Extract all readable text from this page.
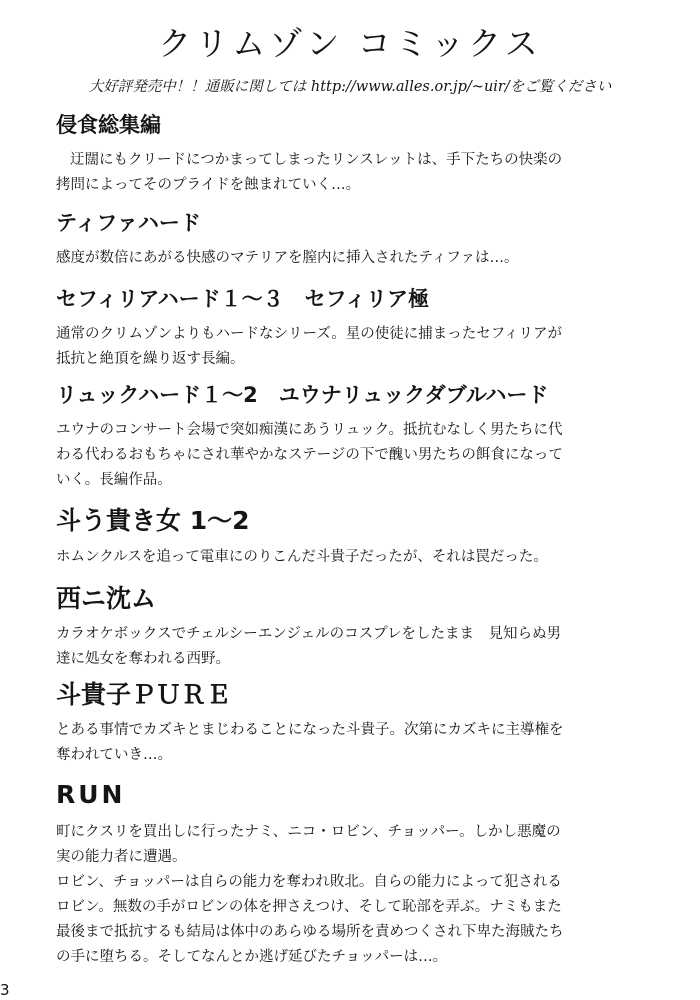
クリムゾン コミックス
大好評発売中！！通販に関しては http://www.alles.or.jp/~uir/をご覧ください
侵食総集編
迂闊にもクリードにつかまってしまったリンスレットは、手下たちの快楽の
拷問によってそのプライドを蝕まれていく…。
ティファハード
感度が数倍にあがる快感のマテリアを膣内に挿入されたティファは…。
セフィリアハード１〜３　セフィリア極
通常のクリムゾンよりもハードなシリーズ。星の使徒に捕まったセフィリアが
抵抗と絶頂を繰り返す長編。
リュックハード１〜2　ユウナリュックダブルハード
ユウナのコンサート会場で突如痴漢にあうリュック。抵抗むなしく男たちに代
わる代わるおもちゃにされ華やかなステージの下で醜い男たちの餌食になって
いく。長編作品。
斗う貴き女 1〜2
ホムンクルスを追って電車にのりこんだ斗貴子だったが、それは罠だった。
西ニ沈ム
カラオケボックスでチェルシーエンジェルのコスプレをしたまま　見知らぬ男
達に処女を奪われる西野。
斗貴子ＰＵＲＥ
とある事情でカズキとまじわることになった斗貴子。次第にカズキに主導権を
奪われていき…。
RUN
町にクスリを買出しに行ったナミ、ニコ・ロビン、チョッパー。しかし悪魔の
実の能力者に遭遇。
ロビン、チョッパーは自らの能力を奪われ敗北。自らの能力によって犯される
ロビン。無数の手がロビンの体を押さえつけ、そして恥部を弄ぶ。ナミもまた
最後まで抵抗するも結局は体中のあらゆる場所を責めつくされ下卑た海賊たち
の手に堕ちる。そしてなんとか逃げ延びたチョッパーは…。
3
